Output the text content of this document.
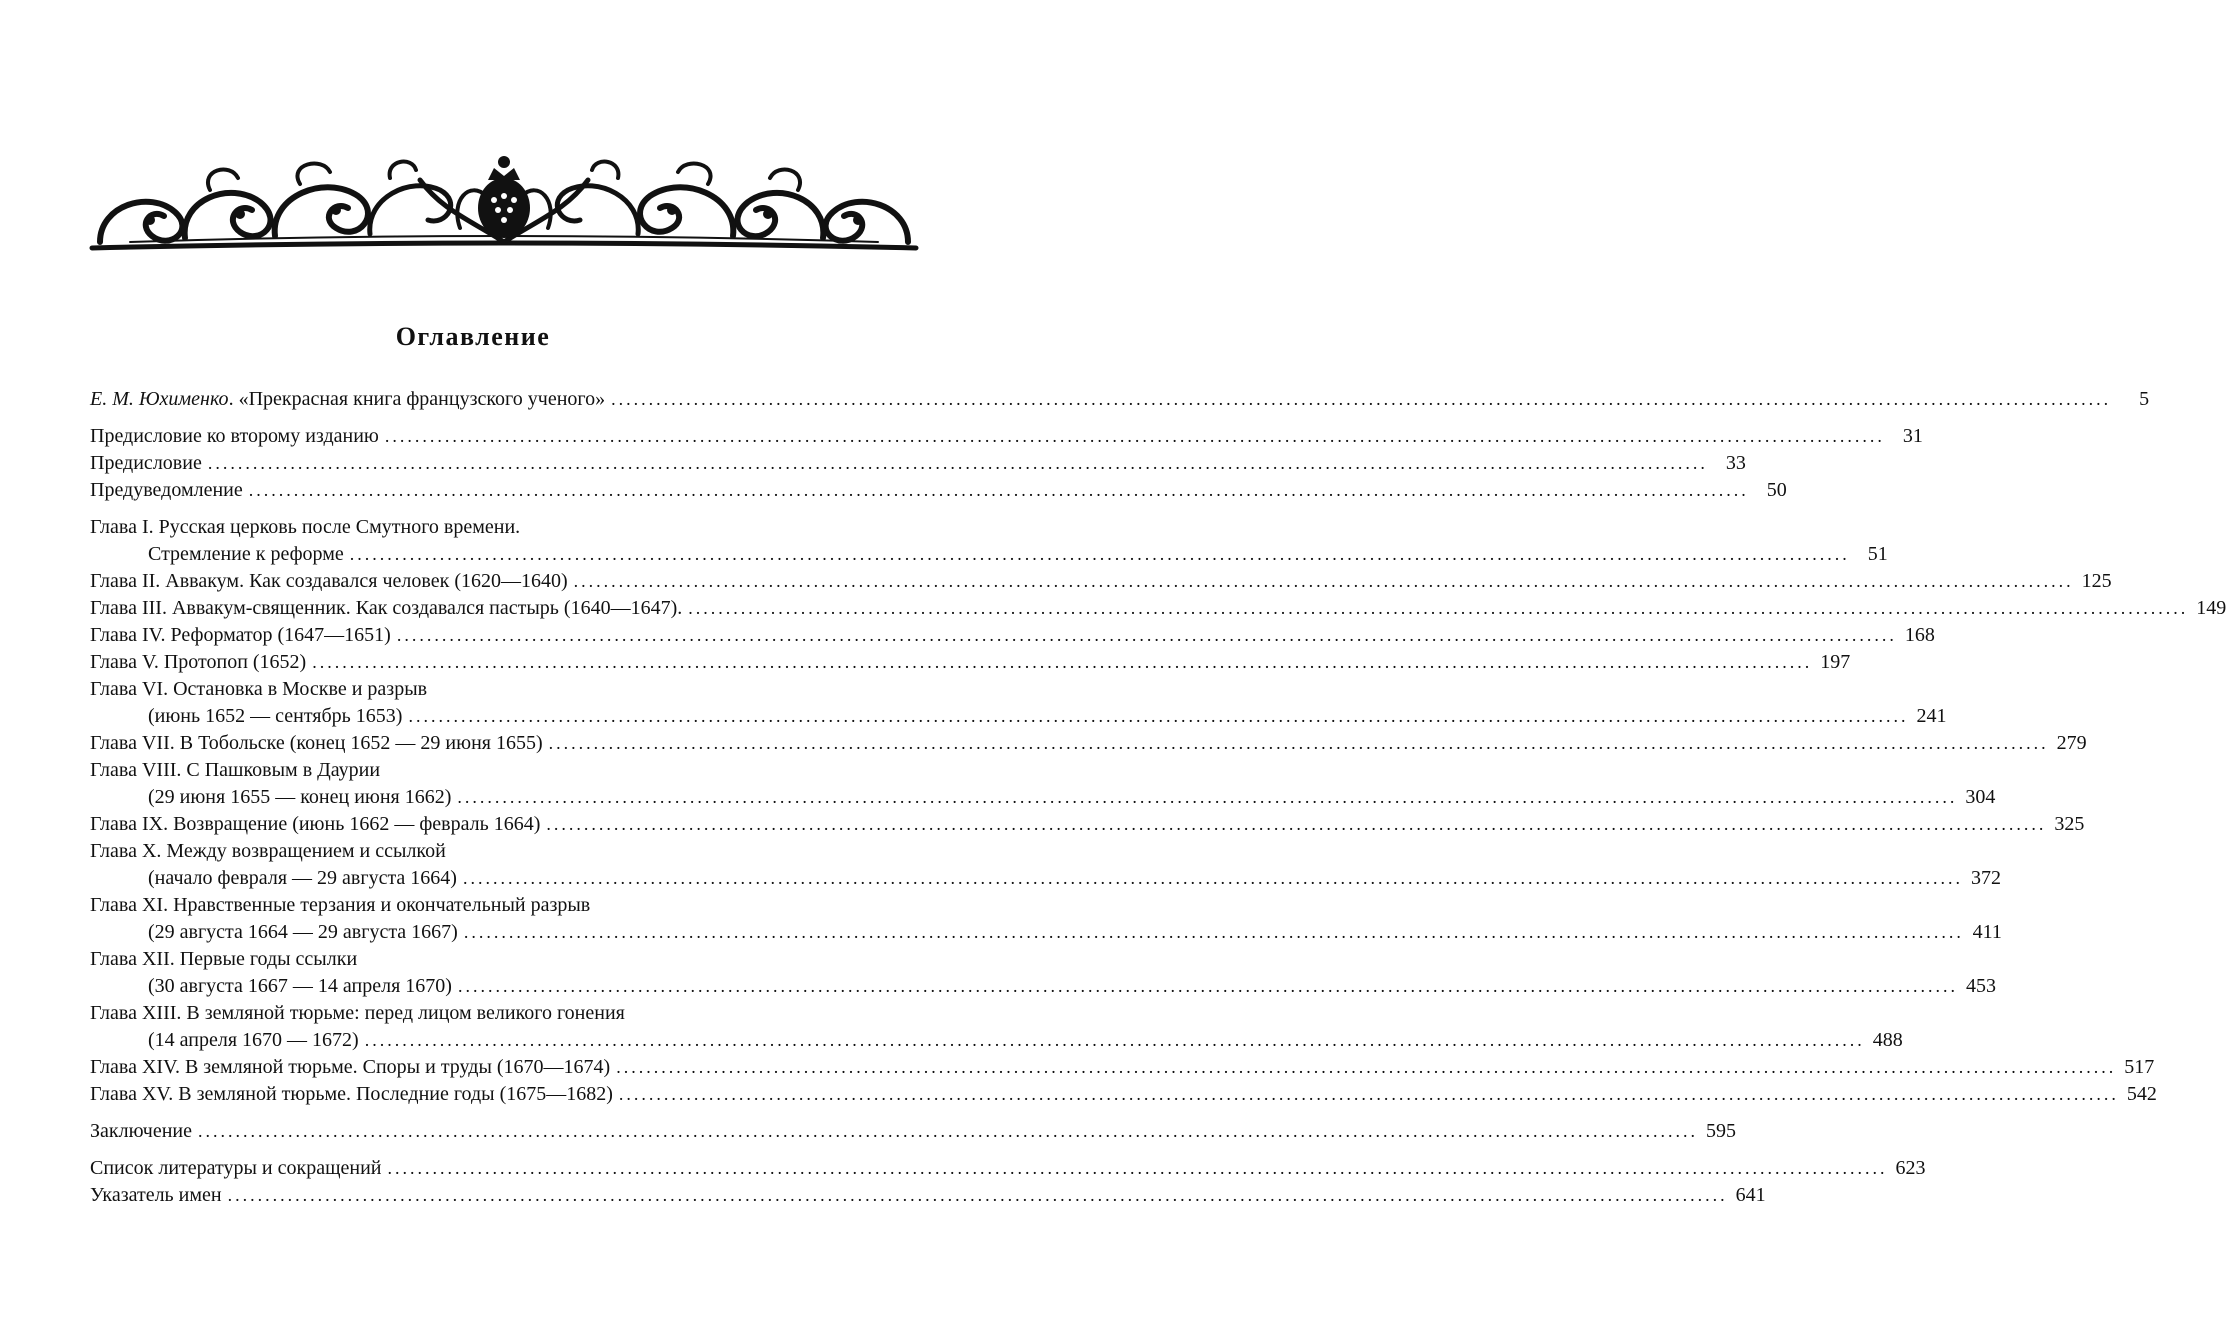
Оглавление
Е. М. Юхименко. «Прекрасная книга французского ученого» ........................................................................................................................................................................................................	5
Предисловие ко второму изданию ........................................................................................................................................................................................................ 31
Предисловие ........................................................................................................................................................................................................ 33
Предуведомление ........................................................................................................................................................................................................ 50
Глава I. Русская церковь после Смутного времени.
Стремление к реформе ........................................................................................................................................................................................................ 51
Глава II. Аввакум. Как создавался человек (1620—1640) ........................................................................................................................................................................................................ 125
Глава III. Аввакум-священник. Как создавался пастырь (1640—1647). ........................................................................................................................................................................................................ 149
Глава IV. Реформатор (1647—1651) ........................................................................................................................................................................................................ 168
Глава V. Протопоп (1652) ........................................................................................................................................................................................................ 197
Глава VI. Остановка в Москве и разрыв
(июнь 1652 — сентябрь 1653) ........................................................................................................................................................................................................ 241
Глава VII. В Тобольске (конец 1652 — 29 июня 1655) ........................................................................................................................................................................................................ 279
Глава VIII. С Пашковым в Даурии
(29 июня 1655 — конец июня 1662) ........................................................................................................................................................................................................ 304
Глава IX. Возвращение (июнь 1662 — февраль 1664) ........................................................................................................................................................................................................ 325
Глава X. Между возвращением и ссылкой
(начало февраля — 29 августа 1664) ........................................................................................................................................................................................................ 372
Глава XI. Нравственные терзания и окончательный разрыв
(29 августа 1664 — 29 августа 1667) ........................................................................................................................................................................................................ 411
Глава XII. Первые годы ссылки
(30 августа 1667 — 14 апреля 1670) ........................................................................................................................................................................................................ 453
Глава XIII. В земляной тюрьме: перед лицом великого гонения
(14 апреля 1670 — 1672) ........................................................................................................................................................................................................ 488
Глава XIV. В земляной тюрьме. Споры и труды (1670—1674) ........................................................................................................................................................................................................ 517
Глава XV. В земляной тюрьме. Последние годы (1675—1682) ........................................................................................................................................................................................................ 542
Заключение ........................................................................................................................................................................................................ 595
Список литературы и сокращений ........................................................................................................................................................................................................ 623
Указатель имен ........................................................................................................................................................................................................ 641
